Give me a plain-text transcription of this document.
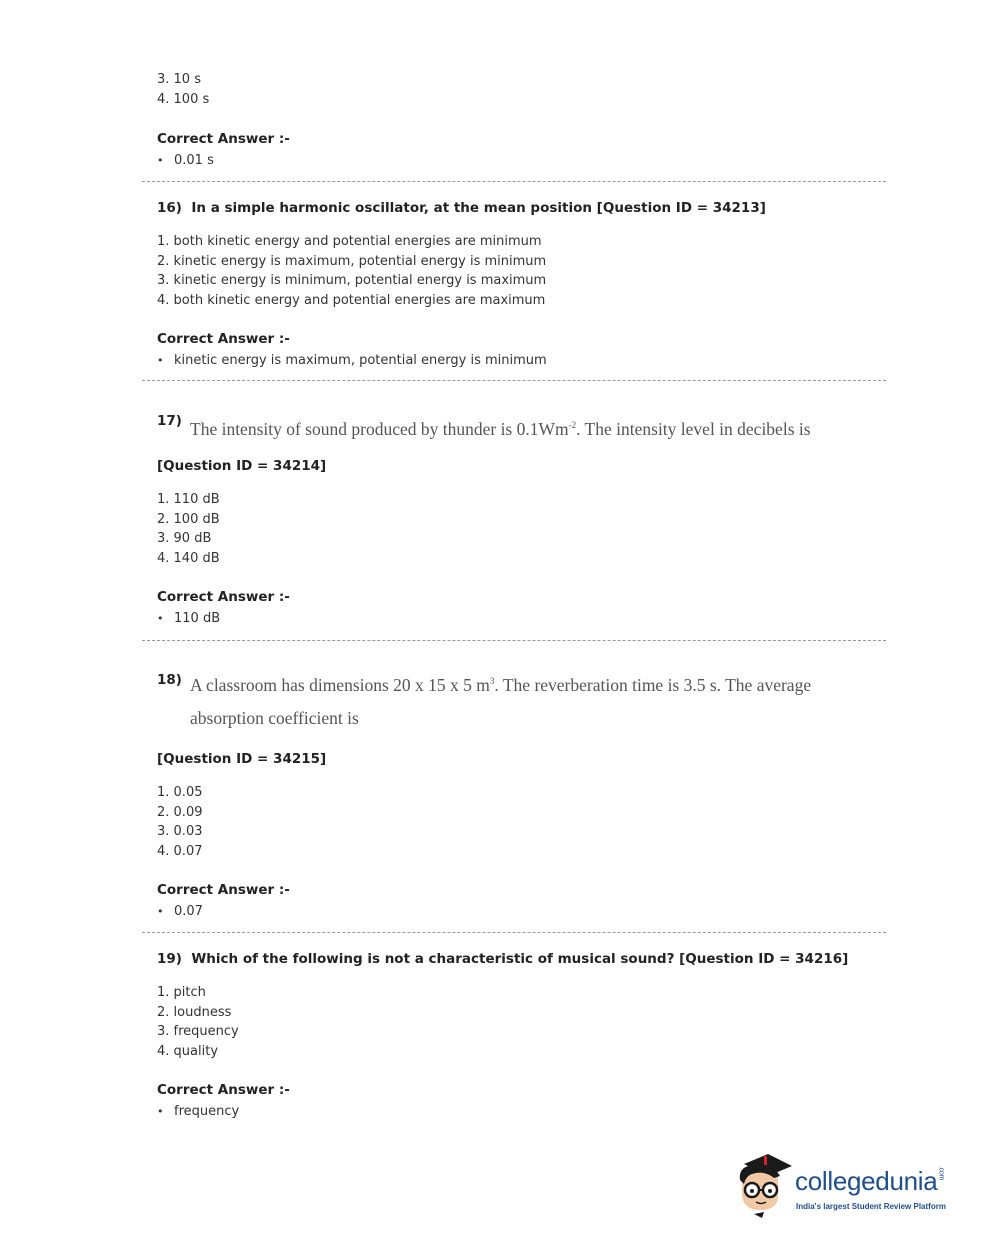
3. 10 s
4. 100 s
Correct Answer :-
• 0.01 s
16) In a simple harmonic oscillator, at the mean position [Question ID = 34213]
1. both kinetic energy and potential energies are minimum
2. kinetic energy is maximum, potential energy is minimum
3. kinetic energy is minimum, potential energy is maximum
4. both kinetic energy and potential energies are maximum
Correct Answer :-
• kinetic energy is maximum, potential energy is minimum
17) The intensity of sound produced by thunder is $0.1Wm^{-2}$. The intensity level in decibels is
[Question ID = 34214]
1. 110 dB
2. 100 dB
3. 90 dB
4. 140 dB
Correct Answer :-
• 110 dB
18) A classroom has dimensions 20 x 15 x 5 $m^3$. The reverberation time is 3.5 s. The average
absorption coefficient is
[Question ID = 34215]
1. 0.05
2. 0.09
3. 0.03
4. 0.07
Correct Answer :-
• 0.07
19) Which of the following is not a characteristic of musical sound? [Question ID = 34216]
1. pitch
2. loudness
3. frequency
4. quality
Correct Answer :-
• frequency
collegedunia.com
India's largest Student Review Platform
